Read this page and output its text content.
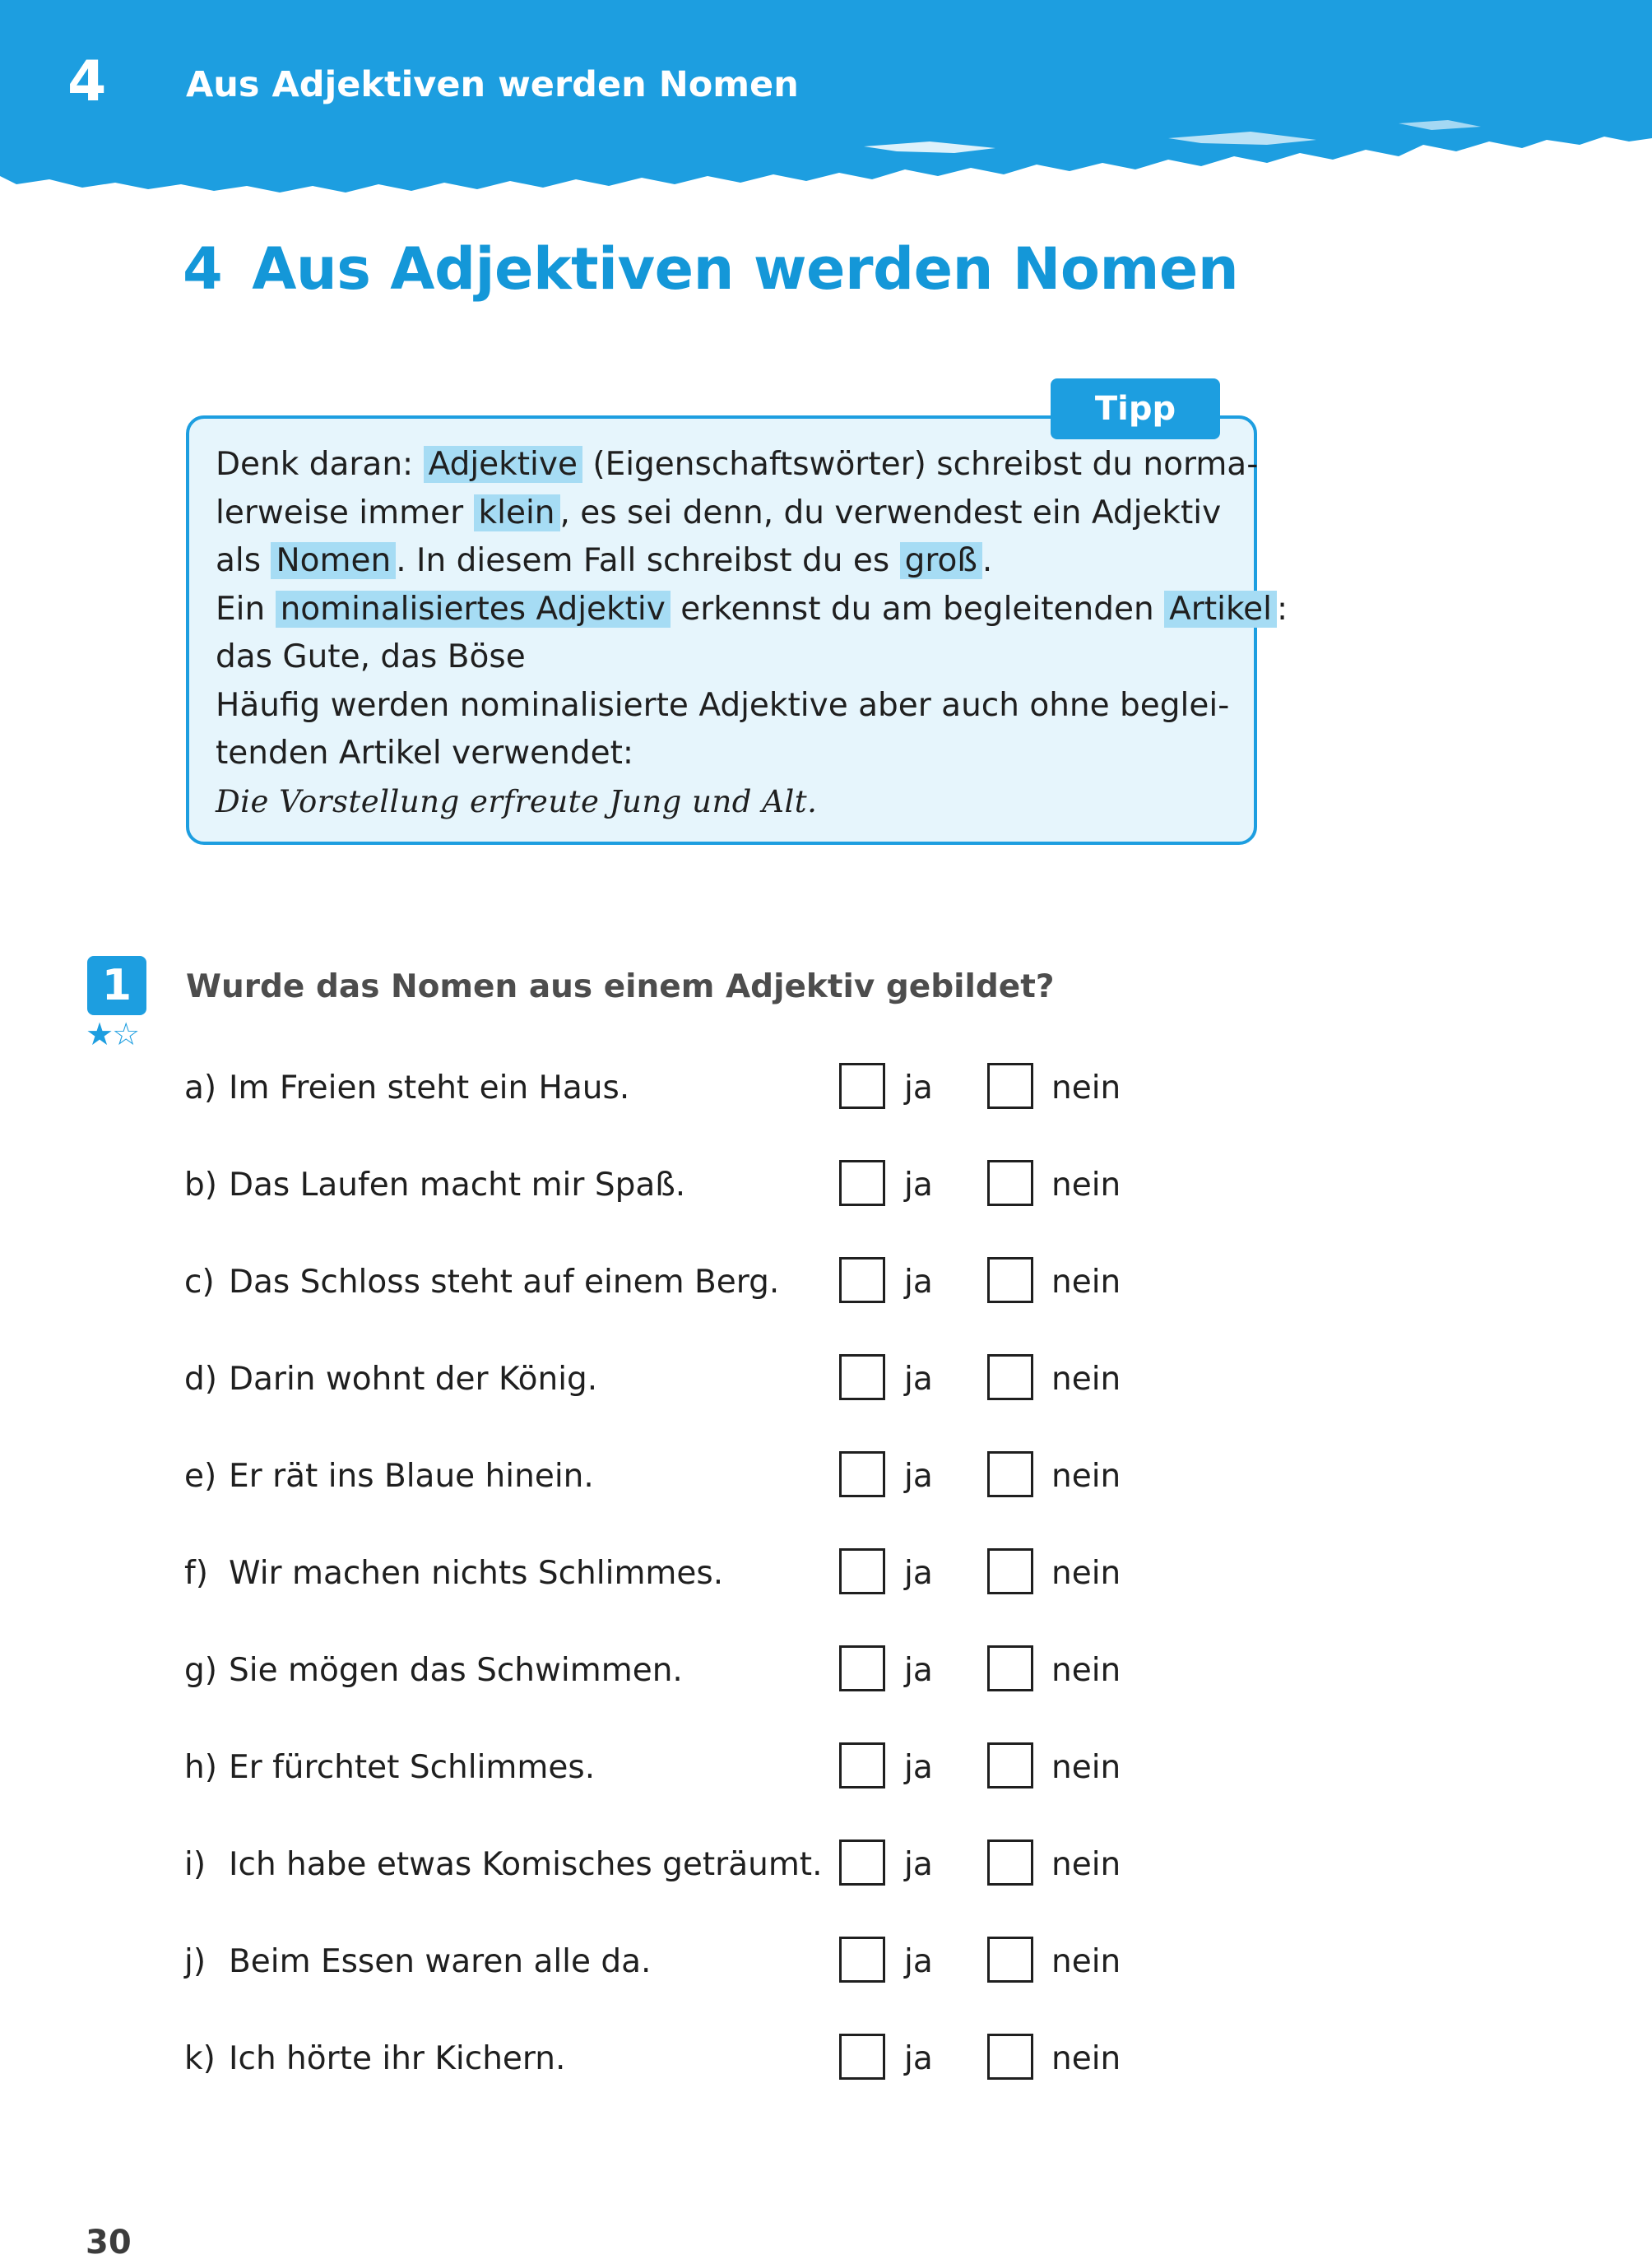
4 Aus Adjektiven werden Nomen
4 Aus Adjektiven werden Nomen
Tipp
Denk daran: Adjektive (Eigenschaftswörter) schreibst du norma-
lerweise immer klein , es sei denn, du verwendest ein Adjektiv
als Nomen . In diesem Fall schreibst du es groß .
Ein nominalisiertes Adjektiv erkennst du am begleitenden Artikel :
das Gute, das Böse
Häufig werden nominalisierte Adjektive aber auch ohne beglei-
tenden Artikel verwendet:
Die Vorstellung erfreute Jung und Alt.
1
★☆
Wurde das Nomen aus einem Adjektiv gebildet?
a) Im Freien steht ein Haus.	ja	nein
b) Das Laufen macht mir Spaß.	ja	nein
c) Das Schloss steht auf einem Berg.	ja	nein
d) Darin wohnt der König.	ja	nein
e) Er rät ins Blaue hinein.	ja	nein
f) Wir machen nichts Schlimmes.	ja	nein
g) Sie mögen das Schwimmen.	ja	nein
h) Er fürchtet Schlimmes.	ja	nein
i) Ich habe etwas Komisches geträumt.	ja	nein
j) Beim Essen waren alle da.	ja	nein
k) Ich hörte ihr Kichern.	ja	nein
30
